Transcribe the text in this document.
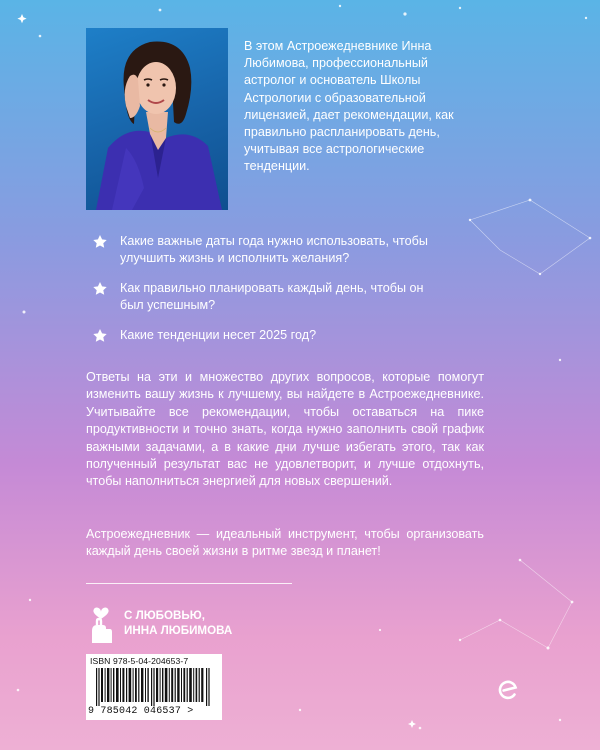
В этом Астроежедневнике Инна Любимова, профессиональный астролог и основатель Школы Астрологии с образовательной лицензией, дает рекомендации, как правильно распланировать день, учитывая все астрологические тенденции.
Какие важные даты года нужно использовать, чтобы
улучшить жизнь и исполнить желания?
Как правильно планировать каждый день, чтобы он
был успешным?
Какие тенденции несет 2025 год?
Ответы на эти и множество других вопросов, которые помогут изменить вашу жизнь к лучшему, вы найдете в Астроежедневнике. Учитывайте все рекомендации, чтобы оставаться на пике продуктивности и точно знать, когда нужно заполнить свой график важными задачами, а в какие дни лучше избегать этого, так как полученный результат вас не удовлетворит, и лучше отдохнуть, чтобы наполниться энергией для новых свершений.
Астроежедневник — идеальный инструмент, чтобы организовать каждый день своей жизни в ритме звезд и планет!
С ЛЮБОВЬЮ,
ИННА ЛЮБИМОВА
ISBN 978-5-04-204653-7
9 785042 046537 >
